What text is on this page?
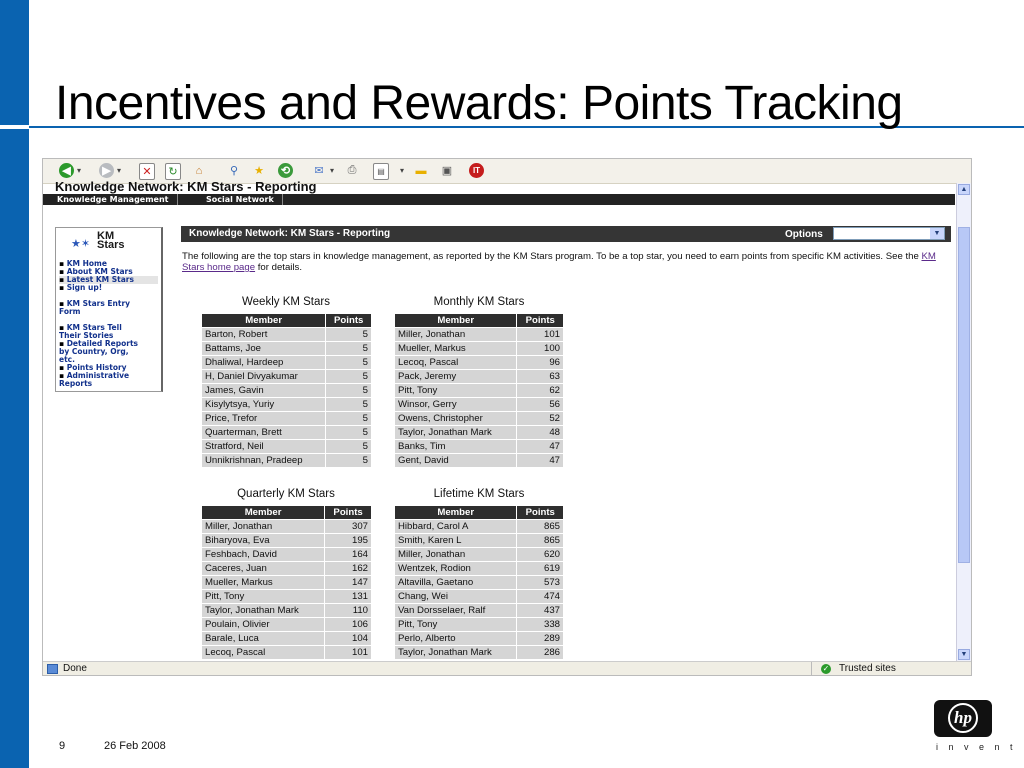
Incentives and Rewards: Points Tracking
◀ ▾ ▶ ▾	✕	↻	⌂	⚲	★ ⟲	✉ ▾	⎙	▤	▾ ▬ ▣	IT
Knowledge Network: KM Stars - Reporting
Knowledge Management	Social Network
▲
▼
★✶
KM
Stars
▪ KM Home
▪ About KM Stars
▪ Latest KM Stars
▪ Sign up!
▪ KM Stars Entry
Form
▪ KM Stars Tell
Their Stories
▪ Detailed Reports
by Country, Org,
etc.
▪ Points History
▪ Administrative
Reports
Knowledge Network: KM Stars - Reporting	Options	▼
The following are the top stars in knowledge management, as reported by the KM Stars program. To be a top star, you need to earn points from specific KM activities. See the KM Stars home page for details.
Weekly KM Stars
Member	Points
Barton, Robert	5
Battams, Joe	5
Dhaliwal, Hardeep	5
H, Daniel Divyakumar	5
James, Gavin	5
Kisylytsya, Yuriy	5
Price, Trefor	5
Quarterman, Brett	5
Stratford, Neil	5
Unnikrishnan, Pradeep	5
Monthly KM Stars
Member	Points
Miller, Jonathan	101
Mueller, Markus	100
Lecoq, Pascal	96
Pack, Jeremy	63
Pitt, Tony	62
Winsor, Gerry	56
Owens, Christopher	52
Taylor, Jonathan Mark	48
Banks, Tim	47
Gent, David	47
Quarterly KM Stars
Member	Points
Miller, Jonathan	307
Biharyova, Eva	195
Feshbach, David	164
Caceres, Juan	162
Mueller, Markus	147
Pitt, Tony	131
Taylor, Jonathan Mark	110
Poulain, Olivier	106
Barale, Luca	104
Lecoq, Pascal	101
Lifetime KM Stars
Member	Points
Hibbard, Carol A	865
Smith, Karen L	865
Miller, Jonathan	620
Wentzek, Rodion	619
Altavilla, Gaetano	573
Chang, Wei	474
Van Dorsselaer, Ralf	437
Pitt, Tony	338
Perlo, Alberto	289
Taylor, Jonathan Mark	286
Done	✓ Trusted sites
hp
i n v e n t
9	26 Feb 2008
